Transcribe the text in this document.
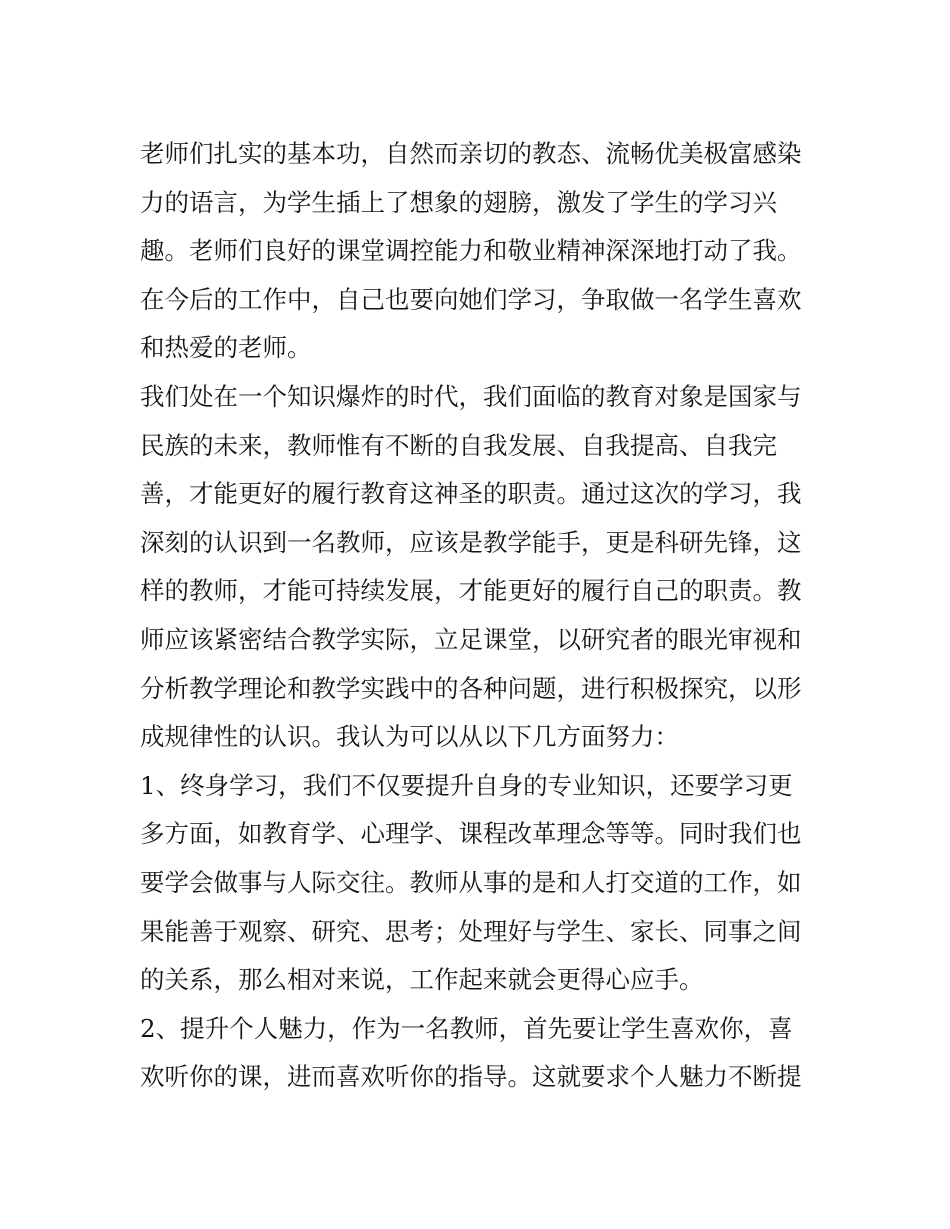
老师们扎实的基本功，自然而亲切的教态、流畅优美极富感染
力的语言，为学生插上了想象的翅膀，激发了学生的学习兴
趣。老师们良好的课堂调控能力和敬业精神深深地打动了我。
在今后的工作中，自己也要向她们学习，争取做一名学生喜欢
和热爱的老师。
我们处在一个知识爆炸的时代，我们面临的教育对象是国家与
民族的未来，教师惟有不断的自我发展、自我提高、自我完
善，才能更好的履行教育这神圣的职责。通过这次的学习，我
深刻的认识到一名教师，应该是教学能手，更是科研先锋，这
样的教师，才能可持续发展，才能更好的履行自己的职责。教
师应该紧密结合教学实际，立足课堂，以研究者的眼光审视和
分析教学理论和教学实践中的各种问题，进行积极探究，以形
成规律性的认识。我认为可以从以下几方面努力：
1、终身学习，我们不仅要提升自身的专业知识，还要学习更
多方面，如教育学、心理学、课程改革理念等等。同时我们也
要学会做事与人际交往。教师从事的是和人打交道的工作，如
果能善于观察、研究、思考；处理好与学生、家长、同事之间
的关系，那么相对来说，工作起来就会更得心应手。
2、提升个人魅力，作为一名教师，首先要让学生喜欢你，喜
欢听你的课，进而喜欢听你的指导。这就要求个人魅力不断提
